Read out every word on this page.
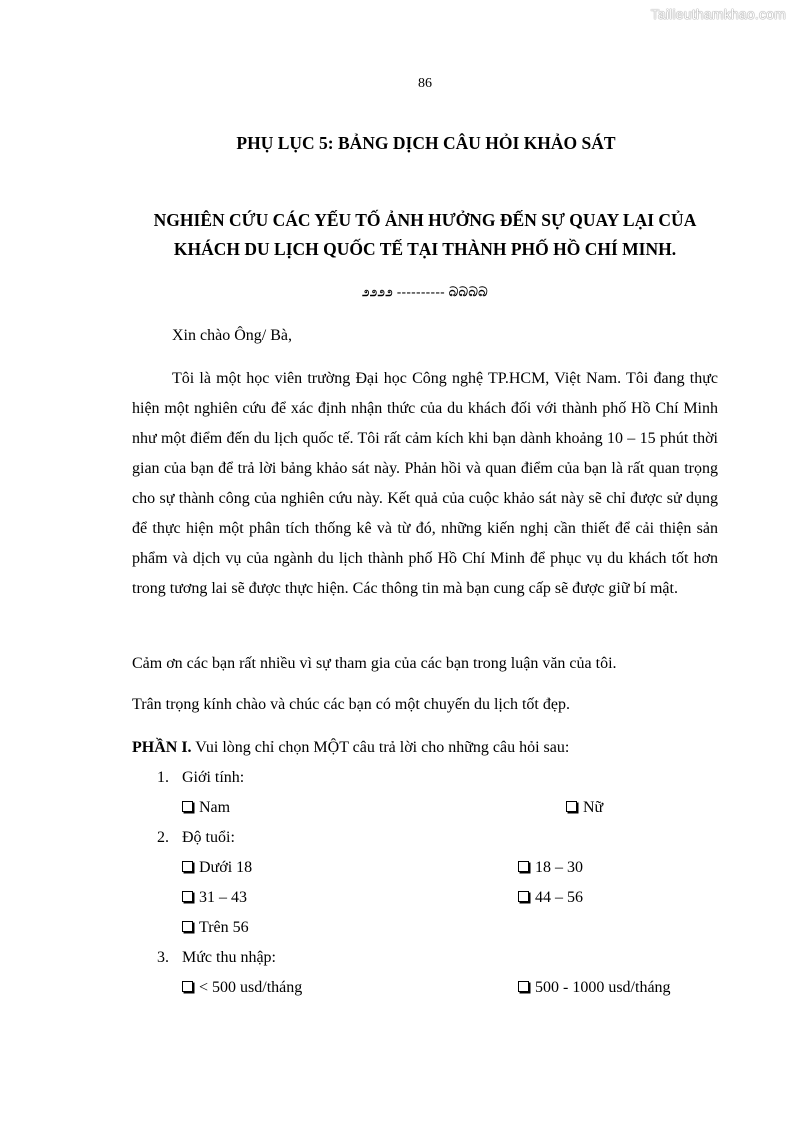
Tailieuthamkhao.com
86
PHỤ LỤC 5: BẢNG DỊCH CÂU HỎI KHẢO SÁT
NGHIÊN CỨU CÁC YẾU TỐ ẢNH HƯỞNG ĐẾN SỰ QUAY LẠI CỦA
KHÁCH DU LỊCH QUỐC TẾ TẠI THÀNH PHỐ HỒ CHÍ MINH.
೨೨೨೨ ---------- බබබබ
Xin chào Ông/ Bà,
Tôi là một học viên trường Đại học Công nghệ TP.HCM, Việt Nam. Tôi đang thực hiện một nghiên cứu để xác định nhận thức của du khách đối với thành phố Hồ Chí Minh như một điểm đến du lịch quốc tế. Tôi rất cảm kích khi bạn dành khoảng 10 – 15 phút thời gian của bạn để trả lời bảng khảo sát này. Phản hồi và quan điểm của bạn là rất quan trọng cho sự thành công của nghiên cứu này. Kết quả của cuộc khảo sát này sẽ chỉ được sử dụng để thực hiện một phân tích thống kê và từ đó, những kiến nghị cần thiết để cải thiện sản phẩm và dịch vụ của ngành du lịch thành phố Hồ Chí Minh để phục vụ du khách tốt hơn trong tương lai sẽ được thực hiện. Các thông tin mà bạn cung cấp sẽ được giữ bí mật.
Cảm ơn các bạn rất nhiều vì sự tham gia của các bạn trong luận văn của tôi.
Trân trọng kính chào và chúc các bạn có một chuyến du lịch tốt đẹp.
PHẦN I. Vui lòng chỉ chọn MỘT câu trả lời cho những câu hỏi sau:
1. Giới tính:
Nam	Nữ
2. Độ tuổi:
Dưới 18	18 – 30
31 – 43	44 – 56
Trên 56
3. Mức thu nhập:
< 500 usd/tháng	500 - 1000 usd/tháng
